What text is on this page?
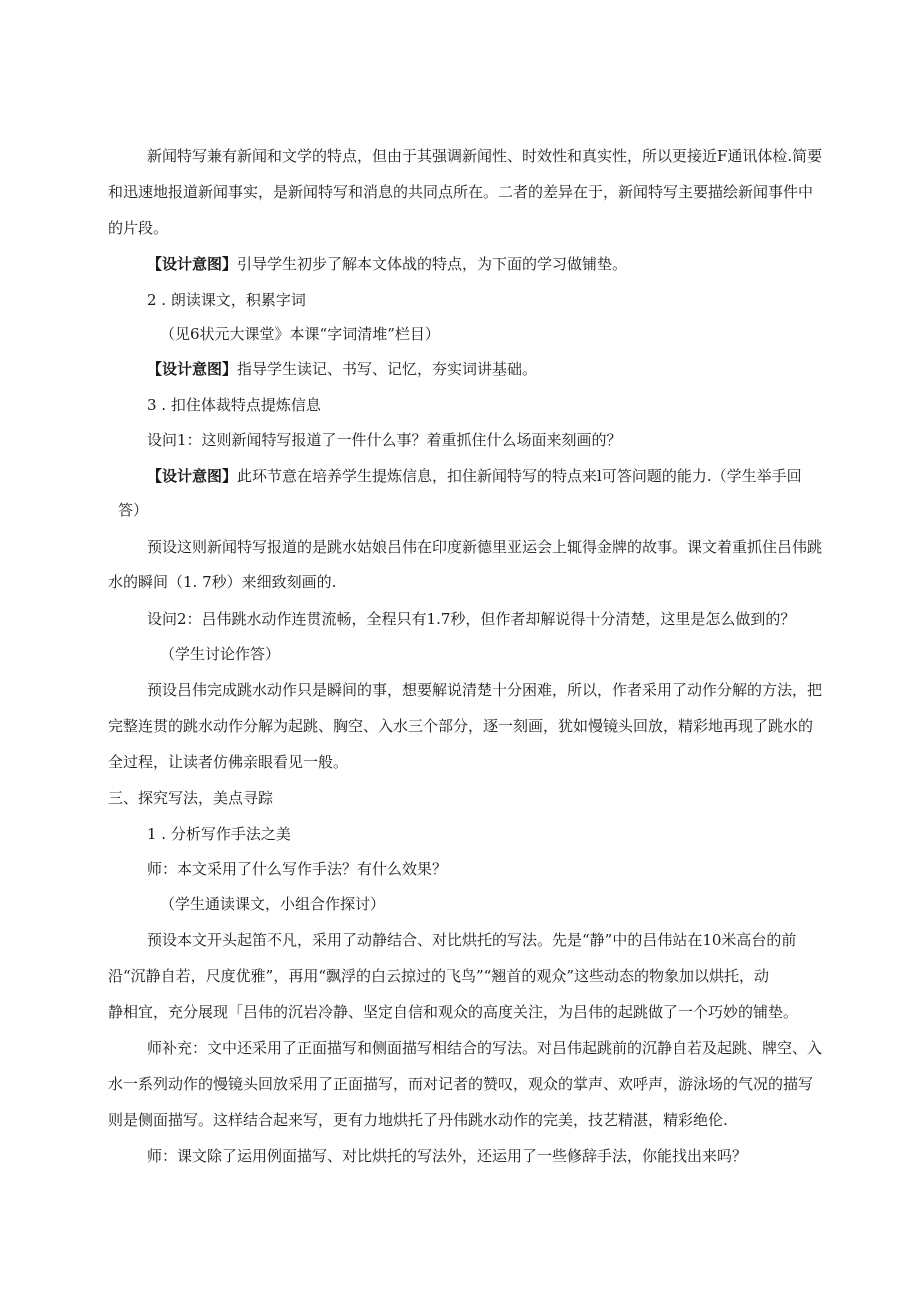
新闻特写兼有新闻和文学的特点，但由于其强调新闻性、时效性和真实性，所以更接近F通讯体检.简要
和迅速地报道新闻事实，是新闻特写和消息的共同点所在。二者的差异在于，新闻特写主要描绘新闻事件中
的片段。
【设计意图】引导学生初步了解本文体战的特点，为下面的学习做铺垫。
2 . 朗读课文，积累字词
（见6状元大课堂》本课“字词清堆”栏目）
【设计意图】指导学生读记、书写、记忆，夯实词讲基础。
3 . 扣住体裁特点提炼信息
设问1：这则新闻特写报道了一件什么事？着重抓住什么场面来刻画的？
【设计意图】此环节意在培养学生提炼信息，扣住新闻特写的特点来l可答问题的能力.（学生举手回
答）
预设这则新闻特写报道的是跳水姑娘吕伟在印度新德里亚运会上辄得金牌的故事。课文着重抓住吕伟跳
水的瞬间（1. 7秒）来细致刻画的.
设问2：吕伟跳水动作连贯流畅，全程只有1.7秒，但作者却解说得十分清楚，这里是怎么做到的？
（学生讨论作答）
预设吕伟完成跳水动作只是瞬间的事，想要解说清楚十分困难，所以，作者采用了动作分解的方法，把
完整连贯的跳水动作分解为起跳、胸空、入水三个部分，逐一刻画，犹如慢镜头回放，精彩地再现了跳水的
全过程，让读者仿佛亲眼看见一般。
三、探究写法，美点寻踪
1 . 分析写作手法之美
师：本文采用了什么写作手法？有什么效果？
（学生通读课文，小组合作探讨）
预设本文开头起笛不凡，采用了动静结合、对比烘托的写法。先是“静”中的吕伟站在10米高台的前
沿“沉静自若，尺度优雅”，再用“飘浮的白云掠过的飞鸟”“翘首的观众”这些动态的物象加以烘托，动
静相宜，充分展现「吕伟的沉岩冷静、坚定自信和观众的高度关注，为吕伟的起跳做了一个巧妙的铺垫。
师补充：文中还采用了正面描写和侧面描写相结合的写法。对吕伟起跳前的沉静自若及起跳、牌空、入
水一系列动作的慢镜头回放采用了正面描写，而对记者的赞叹，观众的掌声、欢呼声，游泳场的气况的描写
则是侧面描写。这样结合起来写，更有力地烘托了丹伟跳水动作的完美，技艺精湛，精彩绝伦.
师：课文除了运用例面描写、对比烘托的写法外，还运用了一些修辞手法，你能找出来吗？
